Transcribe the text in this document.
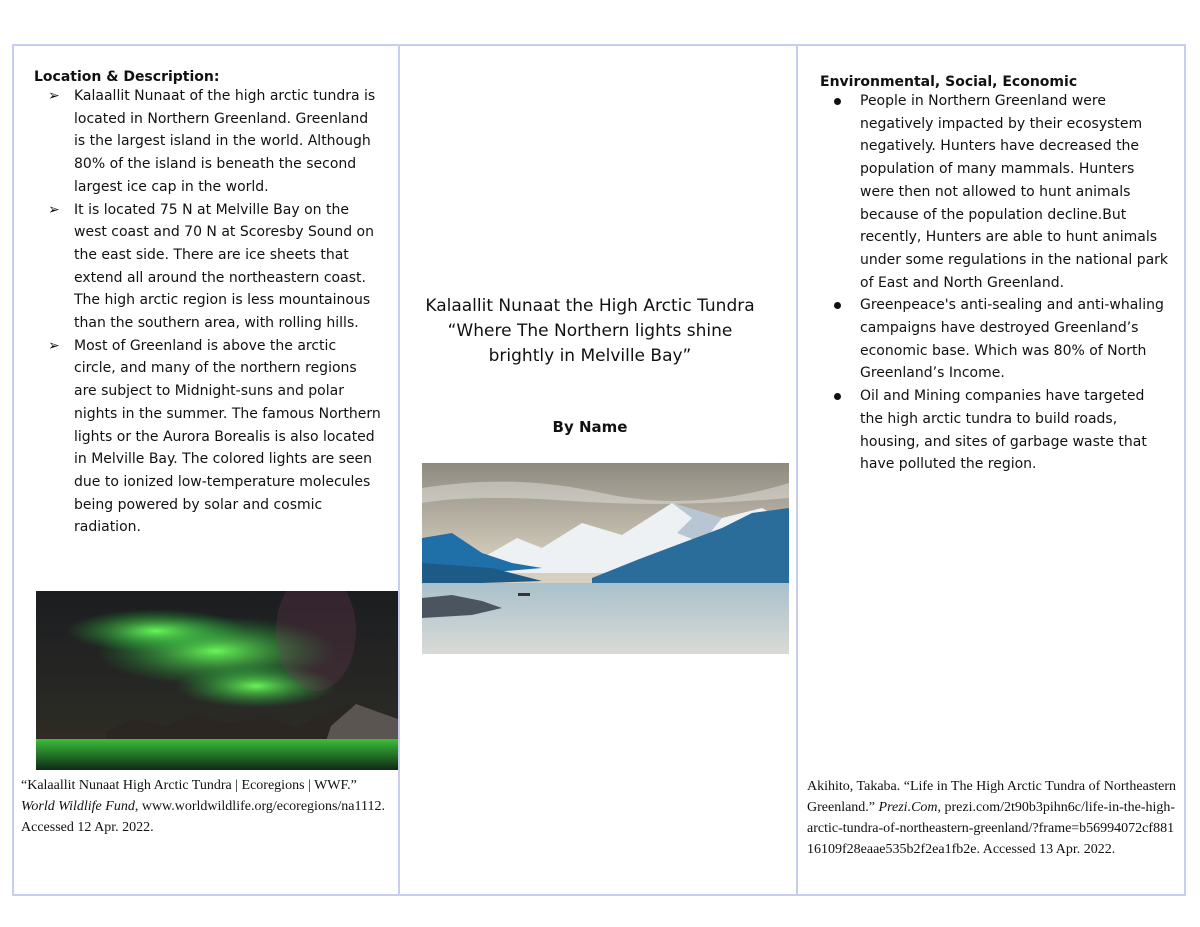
Location & Description:
➢ Kalaallit Nunaat of the high arctic tundra is located in Northern Greenland. Greenland is the largest island in the world. Although 80% of the island is beneath the second largest ice cap in the world.
➢ It is located 75 N at Melville Bay on the west coast and 70 N at Scoresby Sound on the east side. There are ice sheets that extend all around the northeastern coast. The high arctic region is less mountainous than the southern area, with rolling hills.
➢ Most of Greenland is above the arctic circle, and many of the northern regions are subject to Midnight-suns and polar nights in the summer. The famous Northern lights or the Aurora Borealis is also located in Melville Bay. The colored lights are seen due to ionized low-temperature molecules being powered by solar and cosmic radiation.
“Kalaallit Nunaat High Arctic Tundra | Ecoregions | WWF.” World Wildlife Fund, www.worldwildlife.org/ecoregions/na1112. Accessed 12 Apr. 2022.
Kalaallit Nunaat the High Arctic Tundra
“Where The Northern lights shine brightly in Melville Bay”
By Name
Environmental, Social, Economic
People in Northern Greenland were negatively impacted by their ecosystem negatively. Hunters have decreased the population of many mammals. Hunters were then not allowed to hunt animals because of the population decline.But recently, Hunters are able to hunt animals under some regulations in the national park of East and North Greenland.
Greenpeace's anti-sealing and anti-whaling campaigns have destroyed Greenland’s economic base. Which was 80% of North Greenland’s Income.
Oil and Mining companies have targeted the high arctic tundra to build roads, housing, and sites of garbage waste that have polluted the region.
Akihito, Takaba. “Life in The High Arctic Tundra of Northeastern Greenland.” Prezi.Com, prezi.com/2t90b3pihn6c/life-in-the-high-arctic-tundra-of-northeastern-greenland/?frame=b56994072cf88116109f28eaae535b2f2ea1fb2e. Accessed 13 Apr. 2022.
